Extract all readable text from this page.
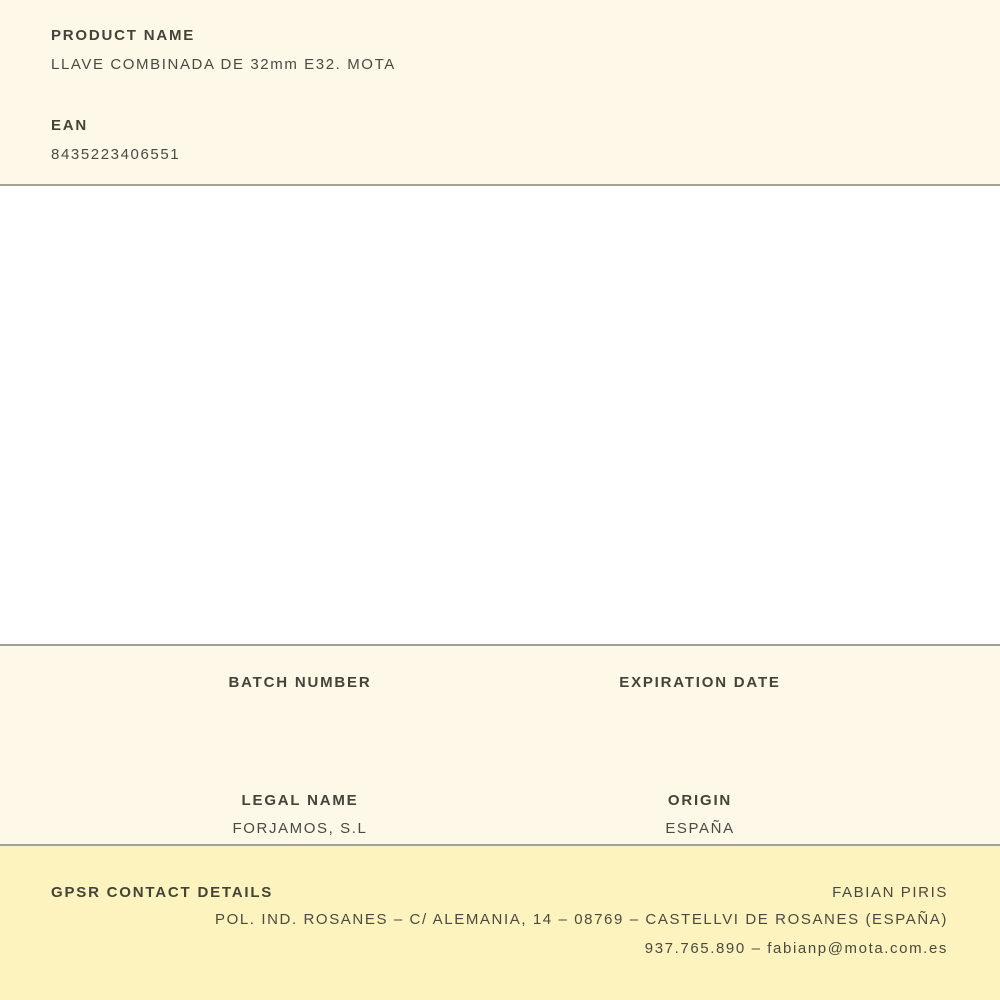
PRODUCT NAME
LLAVE COMBINADA DE 32mm E32. MOTA
EAN
8435223406551
BATCH NUMBER	EXPIRATION DATE
LEGAL NAME
FORJAMOS, S.L
ORIGIN
ESPAÑA
GPSR CONTACT DETAILS	FABIAN PIRIS
POL. IND. ROSANES – C/ ALEMANIA, 14 – 08769 – CASTELLVI DE ROSANES (ESPAÑA)
937.765.890 – fabianp@mota.com.es
